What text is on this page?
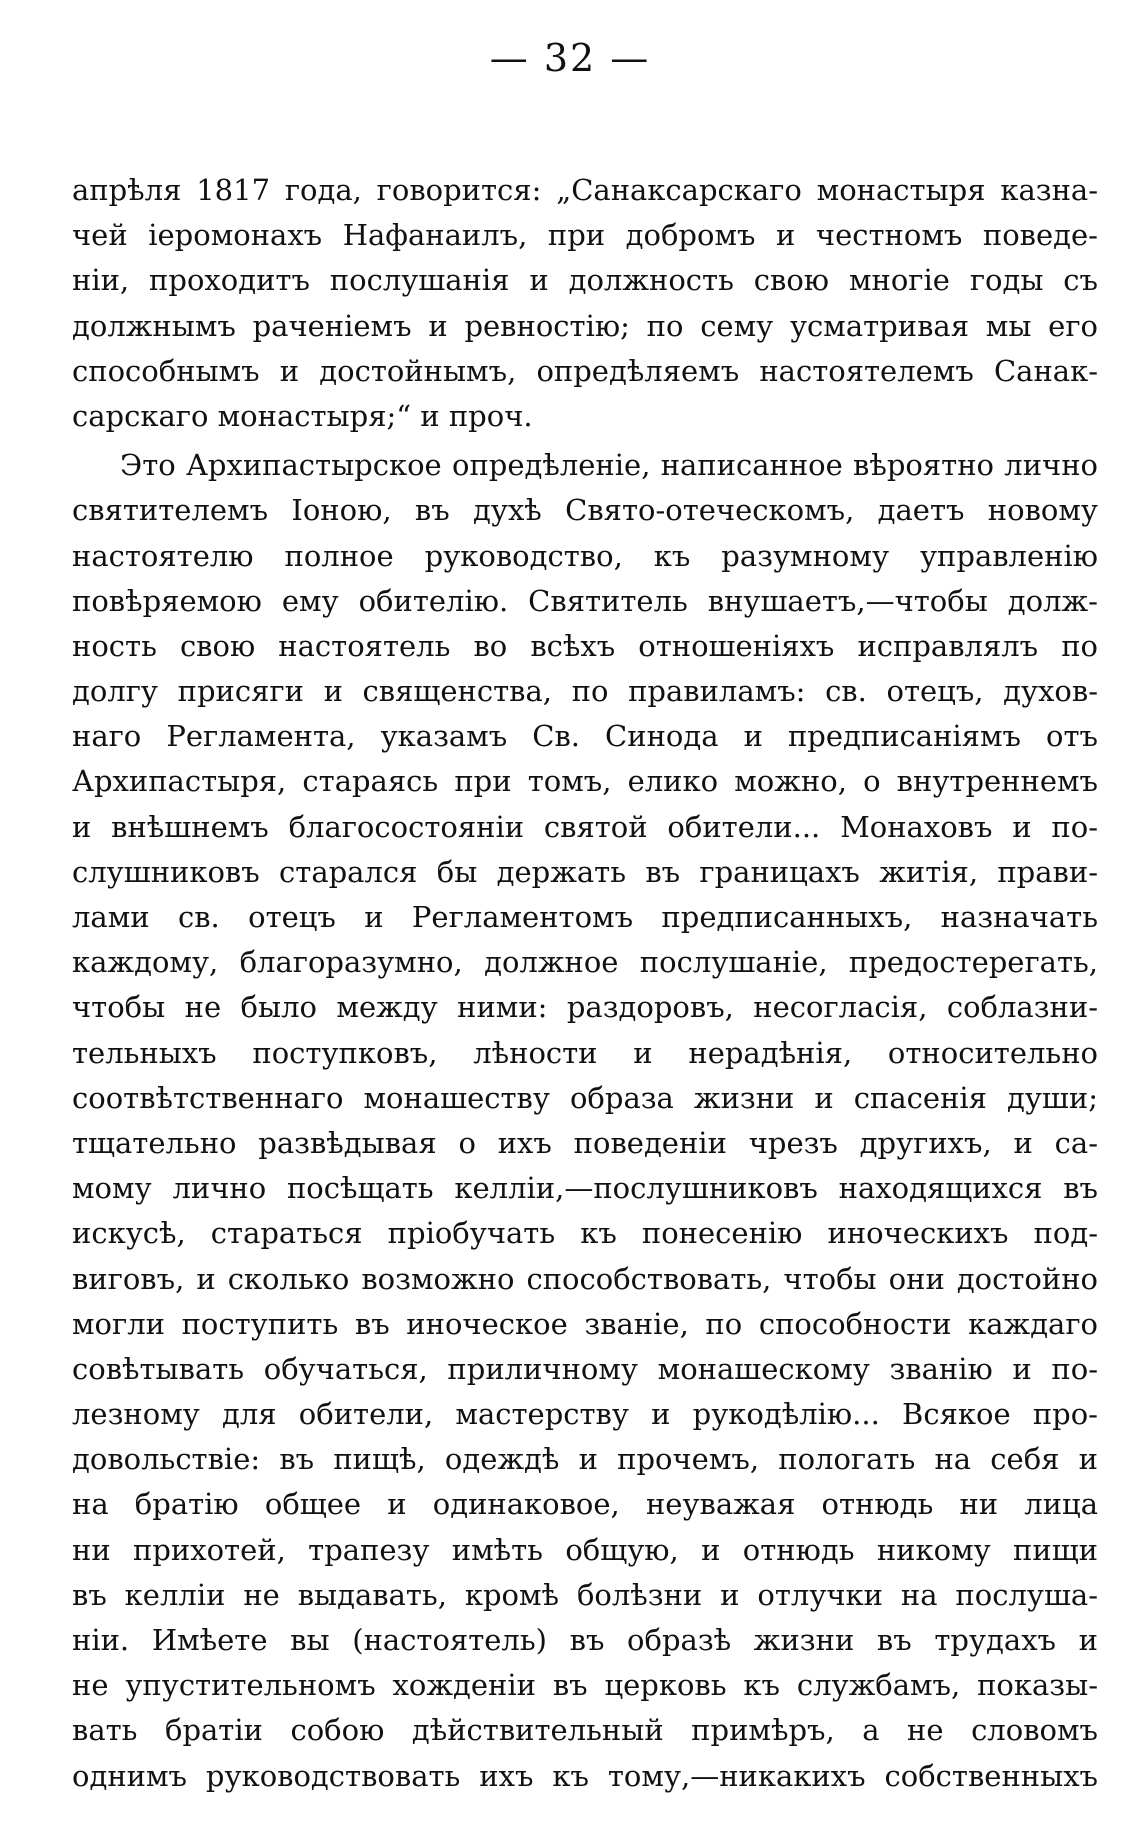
— 32 —
апрѣля 1817 года, говорится: „Санаксарскаго монастыря казна-
чей іеромонахъ Нафанаилъ, при добромъ и честномъ поведе-
ніи, проходитъ послушанія и должность свою многіе годы съ
должнымъ раченіемъ и ревностію; по сему усматривая мы его
способнымъ и достойнымъ, опредѣляемъ настоятелемъ Санак-
сарскаго монастыря;“ и проч.
Это Архипастырское опредѣленіе, написанное вѣроятно лично
святителемъ Іоною, въ духѣ Свято-отеческомъ, даетъ новому
настоятелю полное руководство, къ разумному управленію
повѣряемою ему обителію. Святитель внушаетъ,—чтобы долж-
ность свою настоятель во всѣхъ отношеніяхъ исправлялъ по
долгу присяги и священства, по правиламъ: св. отецъ, духов-
наго Регламента, указамъ Св. Синода и предписаніямъ отъ
Архипастыря, стараясь при томъ, елико можно, о внутреннемъ
и внѣшнемъ благосостояніи святой обители... Монаховъ и по-
слушниковъ старался бы держать въ границахъ житія, прави-
лами св. отецъ и Регламентомъ предписанныхъ, назначать
каждому, благоразумно, должное послушаніе, предостерегать,
чтобы не было между ними: раздоровъ, несогласія, соблазни-
тельныхъ поступковъ, лѣности и нерадѣнія, относительно
соотвѣтственнаго монашеству образа жизни и спасенія души;
тщательно развѣдывая о ихъ поведеніи чрезъ другихъ, и са-
мому лично посѣщать келліи,—послушниковъ находящихся въ
искусѣ, стараться пріобучать къ понесенію иноческихъ под-
виговъ, и сколько возможно способствовать, чтобы они достойно
могли поступить въ иноческое званіе, по способности каждаго
совѣтывать обучаться, приличному монашескому званію и по-
лезному для обители, мастерству и рукодѣлію... Всякое про-
довольствіе: въ пищѣ, одеждѣ и прочемъ, пологать на себя и
на братію общее и одинаковое, неуважая отнюдь ни лица
ни прихотей, трапезу имѣть общую, и отнюдь никому пищи
въ келліи не выдавать, кромѣ болѣзни и отлучки на послуша-
ніи. Имѣете вы (настоятель) въ образѣ жизни въ трудахъ и
не упустительномъ хожденіи въ церковь къ службамъ, показы-
вать братіи собою дѣйствительный примѣръ, а не словомъ
однимъ руководствовать ихъ къ тому,—никакихъ собственныхъ
